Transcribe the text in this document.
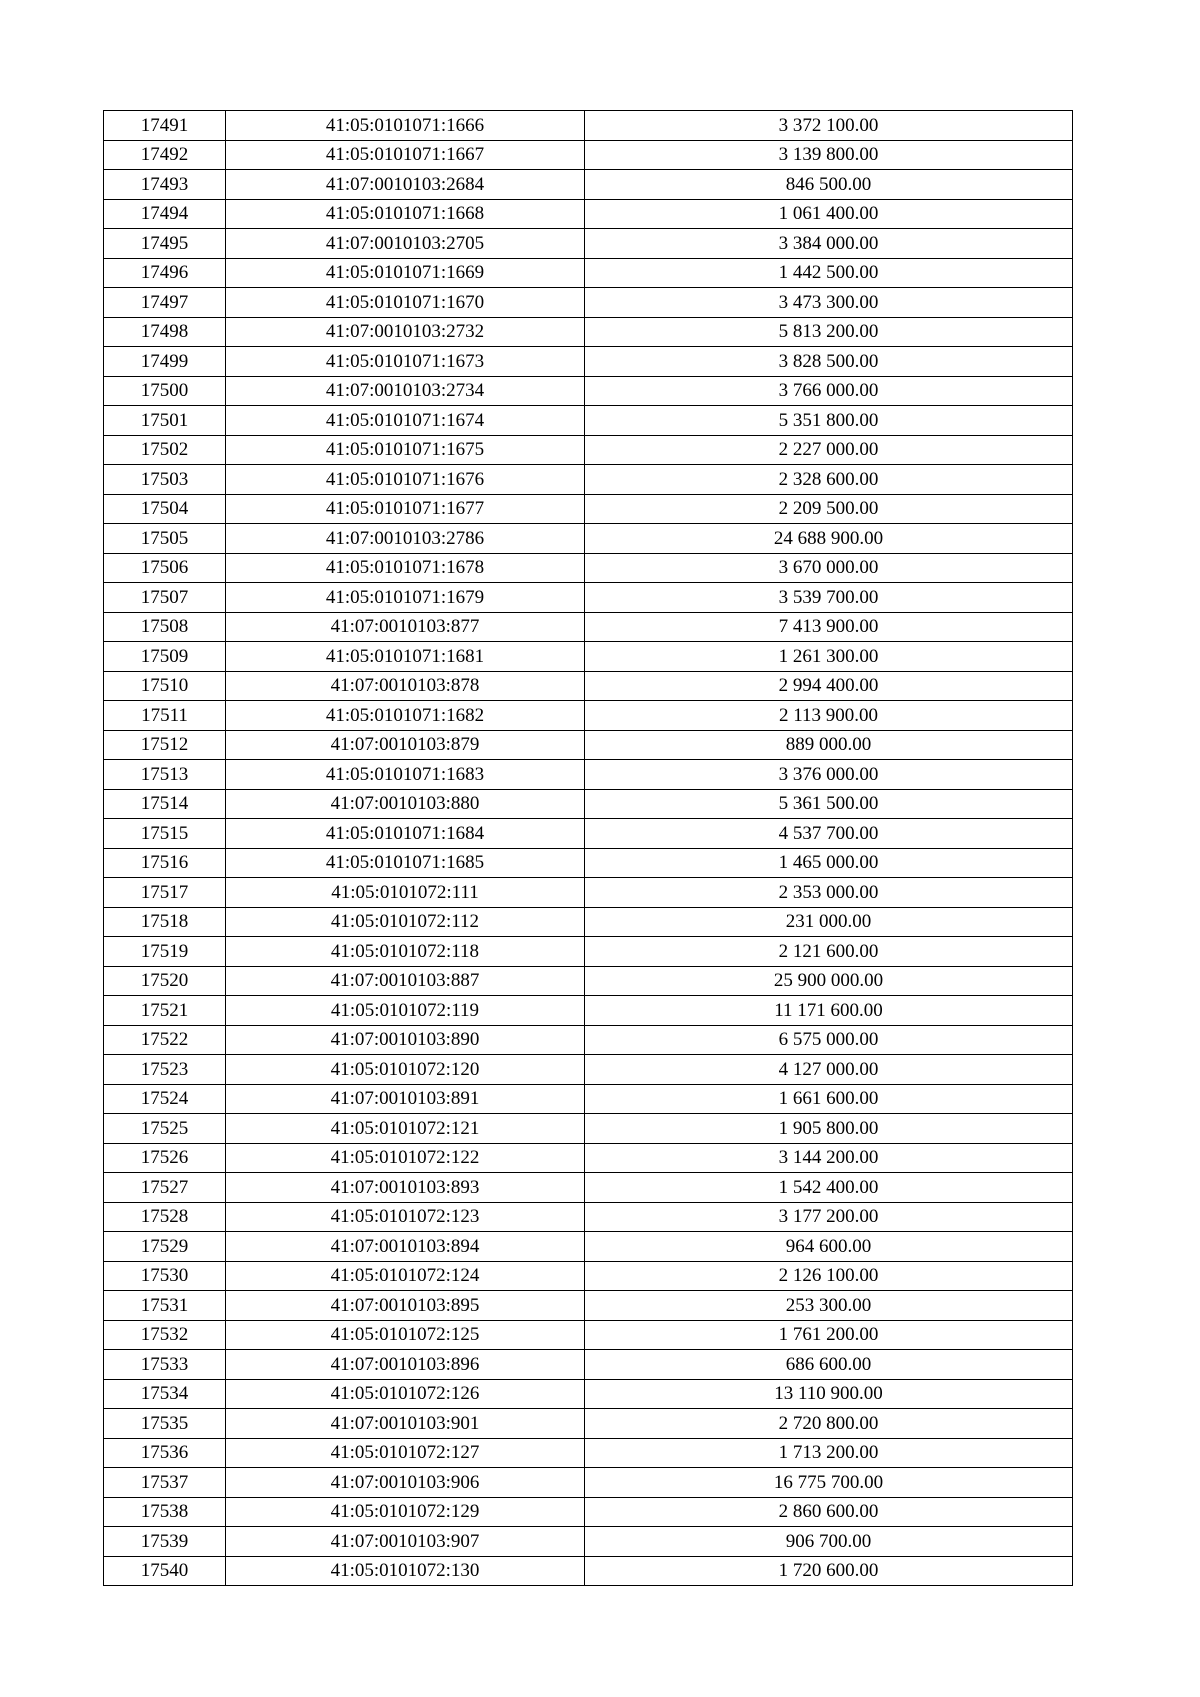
17491	41:05:0101071:1666	3 372 100.00
17492	41:05:0101071:1667	3 139 800.00
17493	41:07:0010103:2684	846 500.00
17494	41:05:0101071:1668	1 061 400.00
17495	41:07:0010103:2705	3 384 000.00
17496	41:05:0101071:1669	1 442 500.00
17497	41:05:0101071:1670	3 473 300.00
17498	41:07:0010103:2732	5 813 200.00
17499	41:05:0101071:1673	3 828 500.00
17500	41:07:0010103:2734	3 766 000.00
17501	41:05:0101071:1674	5 351 800.00
17502	41:05:0101071:1675	2 227 000.00
17503	41:05:0101071:1676	2 328 600.00
17504	41:05:0101071:1677	2 209 500.00
17505	41:07:0010103:2786	24 688 900.00
17506	41:05:0101071:1678	3 670 000.00
17507	41:05:0101071:1679	3 539 700.00
17508	41:07:0010103:877	7 413 900.00
17509	41:05:0101071:1681	1 261 300.00
17510	41:07:0010103:878	2 994 400.00
17511	41:05:0101071:1682	2 113 900.00
17512	41:07:0010103:879	889 000.00
17513	41:05:0101071:1683	3 376 000.00
17514	41:07:0010103:880	5 361 500.00
17515	41:05:0101071:1684	4 537 700.00
17516	41:05:0101071:1685	1 465 000.00
17517	41:05:0101072:111	2 353 000.00
17518	41:05:0101072:112	231 000.00
17519	41:05:0101072:118	2 121 600.00
17520	41:07:0010103:887	25 900 000.00
17521	41:05:0101072:119	11 171 600.00
17522	41:07:0010103:890	6 575 000.00
17523	41:05:0101072:120	4 127 000.00
17524	41:07:0010103:891	1 661 600.00
17525	41:05:0101072:121	1 905 800.00
17526	41:05:0101072:122	3 144 200.00
17527	41:07:0010103:893	1 542 400.00
17528	41:05:0101072:123	3 177 200.00
17529	41:07:0010103:894	964 600.00
17530	41:05:0101072:124	2 126 100.00
17531	41:07:0010103:895	253 300.00
17532	41:05:0101072:125	1 761 200.00
17533	41:07:0010103:896	686 600.00
17534	41:05:0101072:126	13 110 900.00
17535	41:07:0010103:901	2 720 800.00
17536	41:05:0101072:127	1 713 200.00
17537	41:07:0010103:906	16 775 700.00
17538	41:05:0101072:129	2 860 600.00
17539	41:07:0010103:907	906 700.00
17540	41:05:0101072:130	1 720 600.00
